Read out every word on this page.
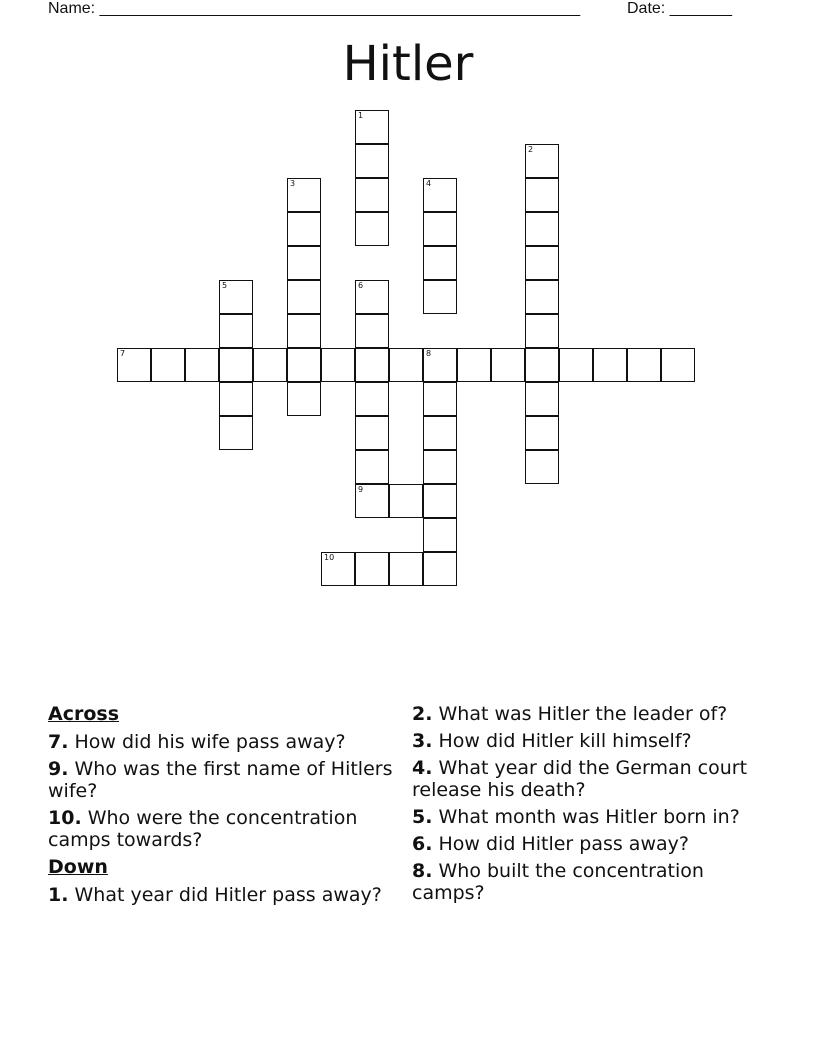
Name: ______________________________________________________	Date: _______
Hitler
1
2
3	4
5	6
9
7	8
10
Across
7. How did his wife pass away?
9. Who was the first name of Hitlers wife?
10. Who were the concentration camps towards?
Down
1. What year did Hitler pass away?
2. What was Hitler the leader of?
3. How did Hitler kill himself?
4. What year did the German court release his death?
5. What month was Hitler born in?
6. How did Hitler pass away?
8. Who built the concentration camps?
